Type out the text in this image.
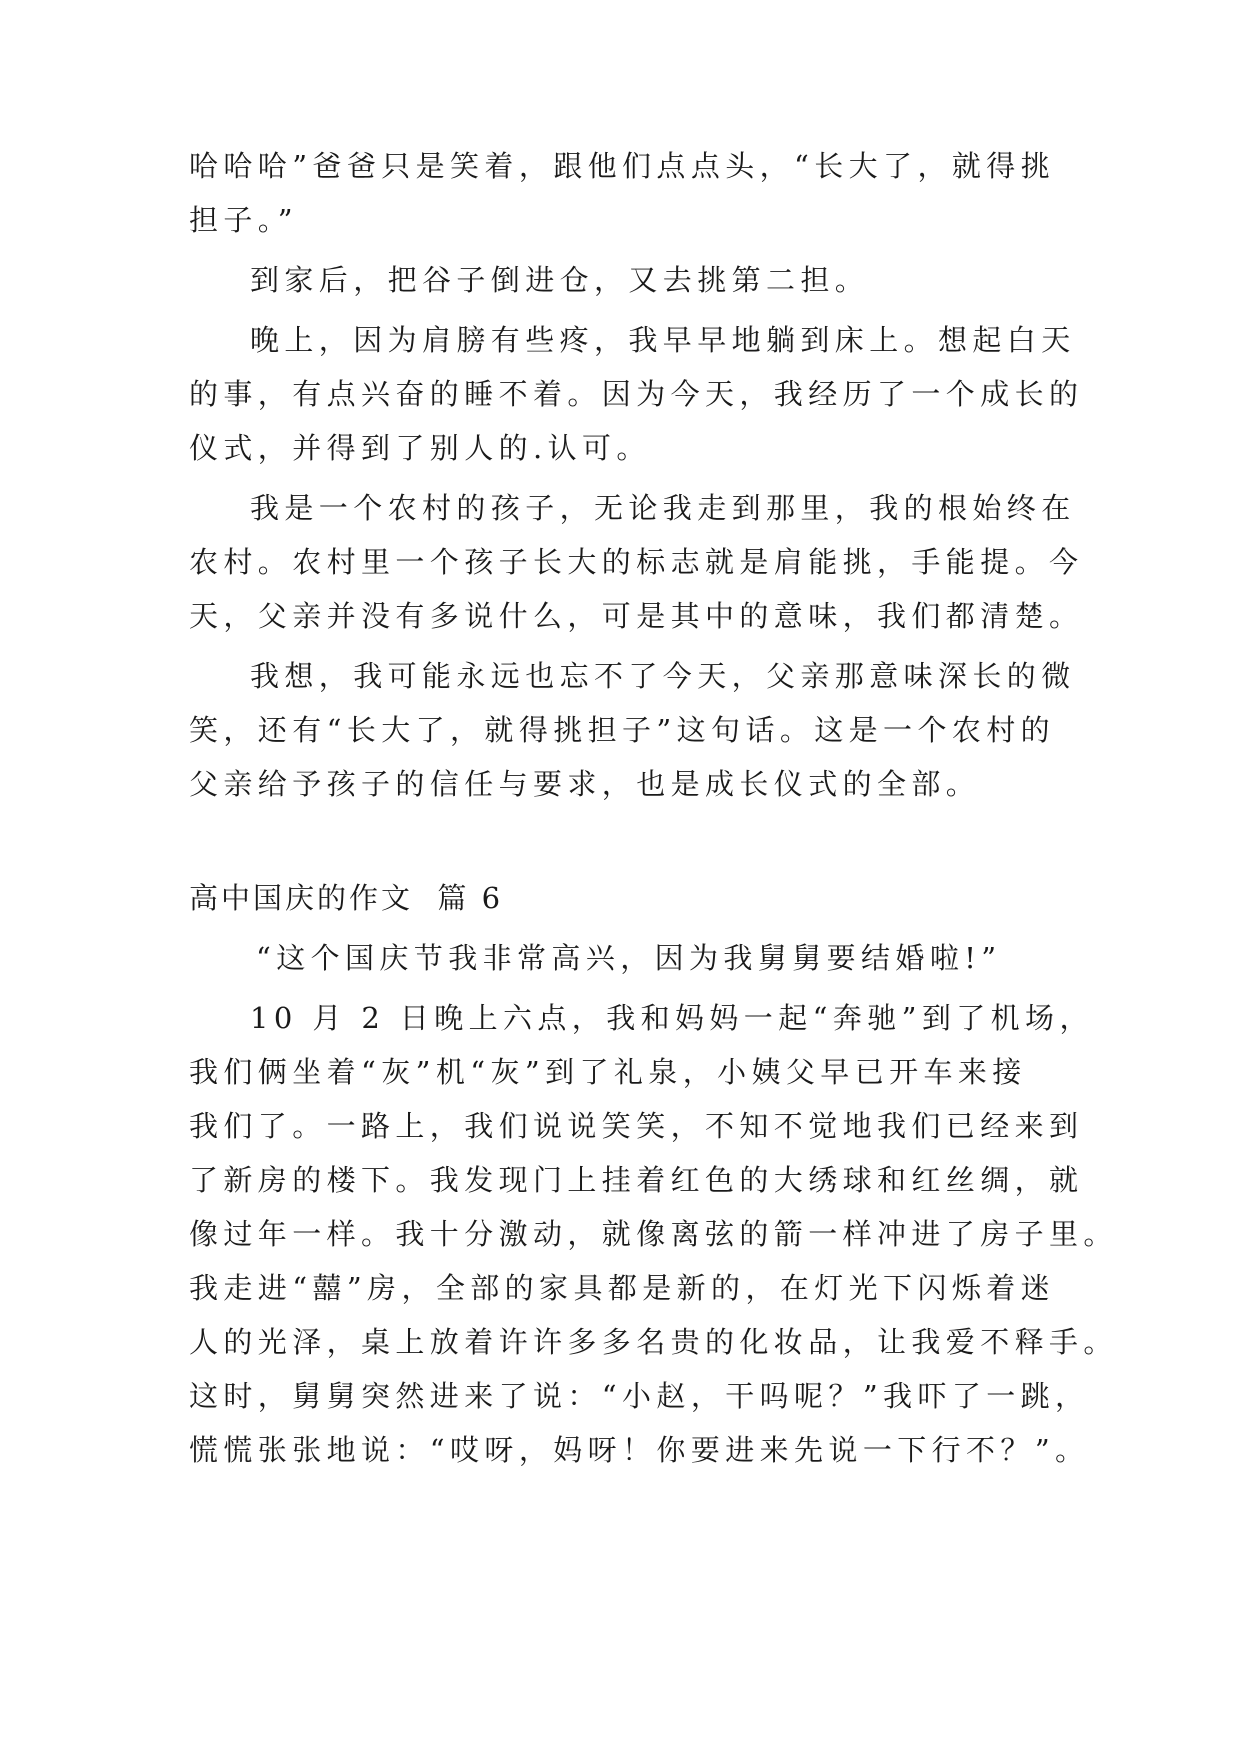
哈哈哈”爸爸只是笑着，跟他们点点头，“长大了，就得挑

担子。”

到家后，把谷子倒进仓，又去挑第二担。

晚上，因为肩膀有些疼，我早早地躺到床上。想起白天

的事，有点兴奋的睡不着。因为今天，我经历了一个成长的

仪式，并得到了别人的.认可。

我是一个农村的孩子，无论我走到那里，我的根始终在

农村。农村里一个孩子长大的标志就是肩能挑，手能提。今

天，父亲并没有多说什么，可是其中的意味，我们都清楚。

我想，我可能永远也忘不了今天，父亲那意味深长的微

笑，还有“长大了，就得挑担子”这句话。这是一个农村的

父亲给予孩子的信任与要求，也是成长仪式的全部。

高中国庆的作文  篇 6

“这个国庆节我非常高兴，因为我舅舅要结婚啦!”

10 月 2 日晚上六点，我和妈妈一起“奔驰”到了机场，

我们俩坐着“灰”机“灰”到了礼泉，小姨父早已开车来接

我们了。一路上，我们说说笑笑，不知不觉地我们已经来到

了新房的楼下。我发现门上挂着红色的大绣球和红丝绸，就

像过年一样。我十分激动，就像离弦的箭一样冲进了房子里。

我走进“囍”房，全部的家具都是新的，在灯光下闪烁着迷

人的光泽，桌上放着许许多多名贵的化妆品，让我爱不释手。

这时，舅舅突然进来了说：“小赵，干吗呢？”我吓了一跳，

慌慌张张地说：“哎呀，妈呀！你要进来先说一下行不？”。
